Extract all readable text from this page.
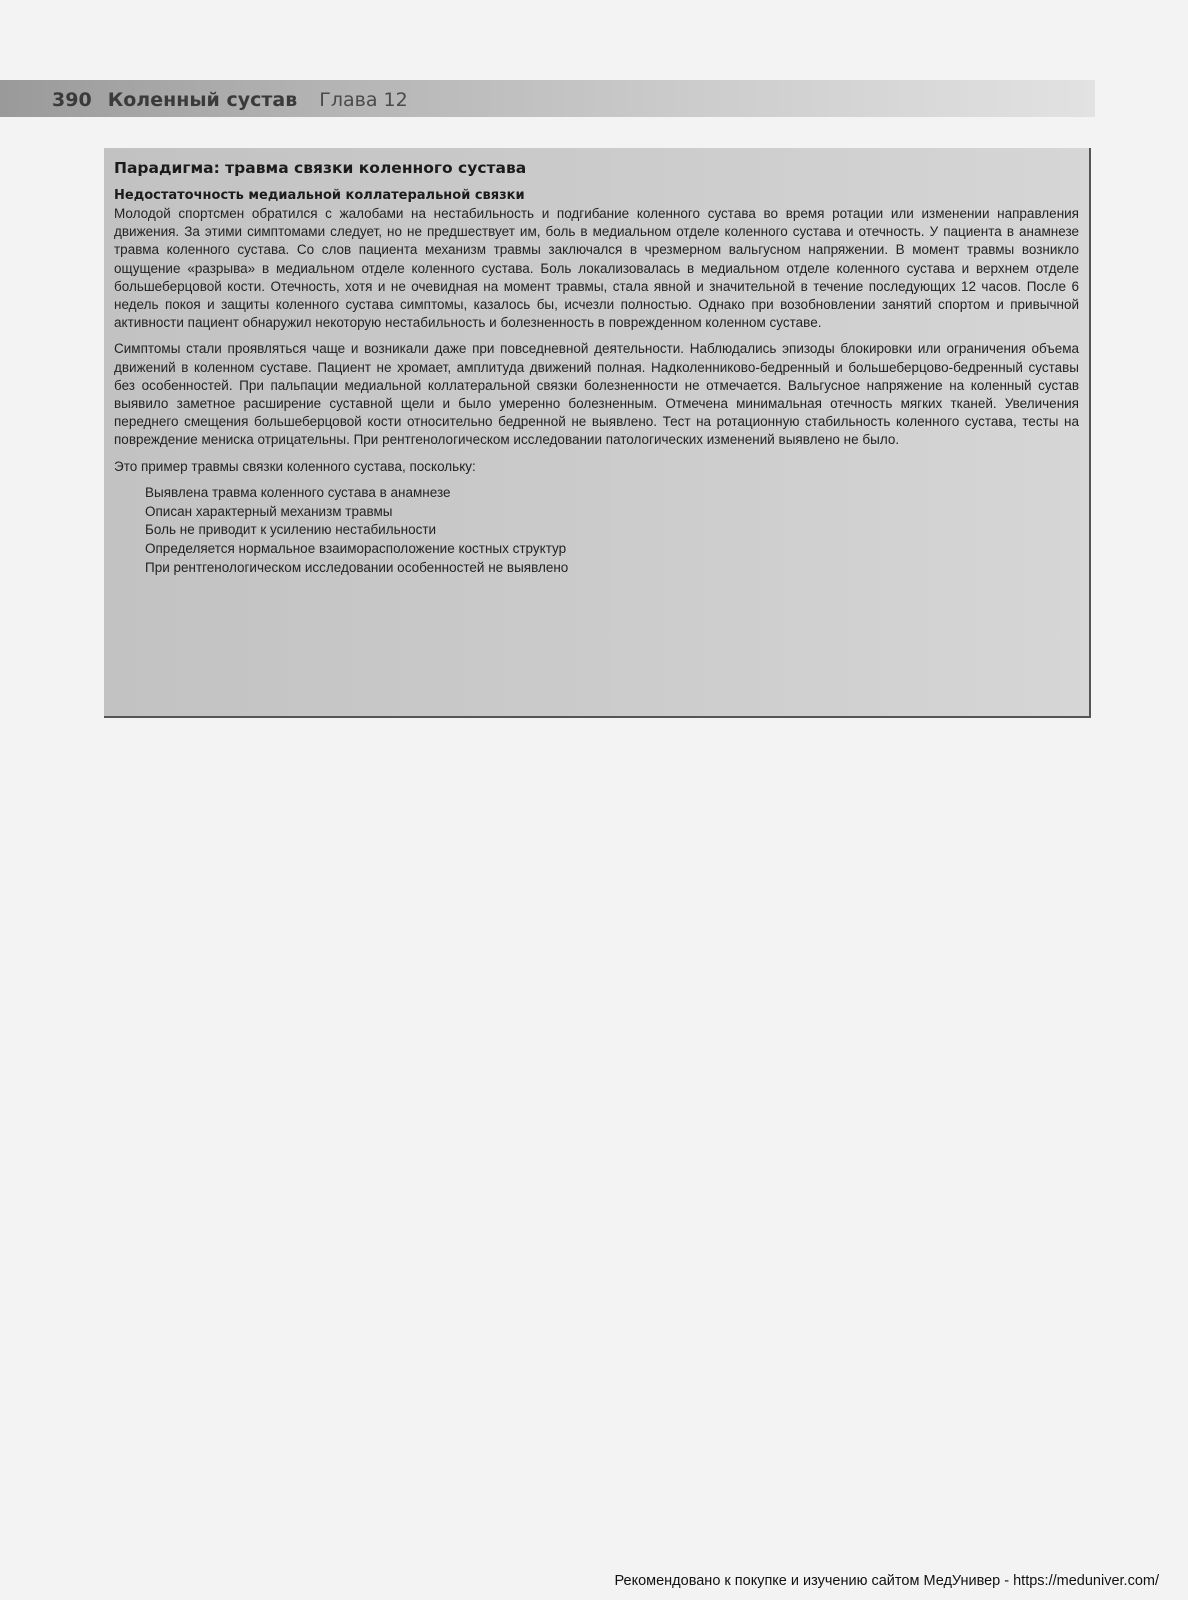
390 Коленный сустав Глава 12
Парадигма: травма связки коленного сустава
Недостаточность медиальной коллатеральной связки

Молодой спортсмен обратился с жалобами на нестабильность и подгибание коленного сустава во время ротации или изменении направления движения. За этими симптомами следует, но не предшествует им, боль в медиальном отделе коленного сустава и отечность. У пациента в анамнезе травма коленного сустава. Со слов пациента механизм травмы заключался в чрезмерном вальгусном напряжении. В момент травмы возникло ощущение «разрыва» в медиальном отделе коленного сустава. Боль локализовалась в медиальном отделе коленного сустава и верхнем отделе большеберцовой кости. Отечность, хотя и не очевидная на момент травмы, стала явной и значительной в течение последующих 12 часов. После 6 недель покоя и защиты коленного сустава симптомы, казалось бы, исчезли полностью. Однако при возобновлении занятий спортом и привычной активности пациент обнаружил некоторую нестабильность и болезненность в поврежденном коленном суставе.

Симптомы стали проявляться чаще и возникали даже при повседневной деятельности. Наблюдались эпизоды блокировки или ограничения объема движений в коленном суставе. Пациент не хромает, амплитуда движений полная. Надколенниково-бедренный и большеберцово-бедренный суставы без особенностей. При пальпации медиальной коллатеральной связки болезненности не отмечается. Вальгусное напряжение на коленный сустав выявило заметное расширение суставной щели и было умеренно болезненным. Отмечена минимальная отечность мягких тканей. Увеличения переднего смещения большеберцовой кости относительно бедренной не выявлено. Тест на ротационную стабильность коленного сустава, тесты на повреждение мениска отрицательны. При рентгенологическом исследовании патологических изменений выявлено не было.

Это пример травмы связки коленного сустава, поскольку:

Выявлена травма коленного сустава в анамнезе
Описан характерный механизм травмы
Боль не приводит к усилению нестабильности
Определяется нормальное взаиморасположение костных структур
При рентгенологическом исследовании особенностей не выявлено
Рекомендовано к покупке и изучению сайтом МедУнивер - https://meduniver.com/
